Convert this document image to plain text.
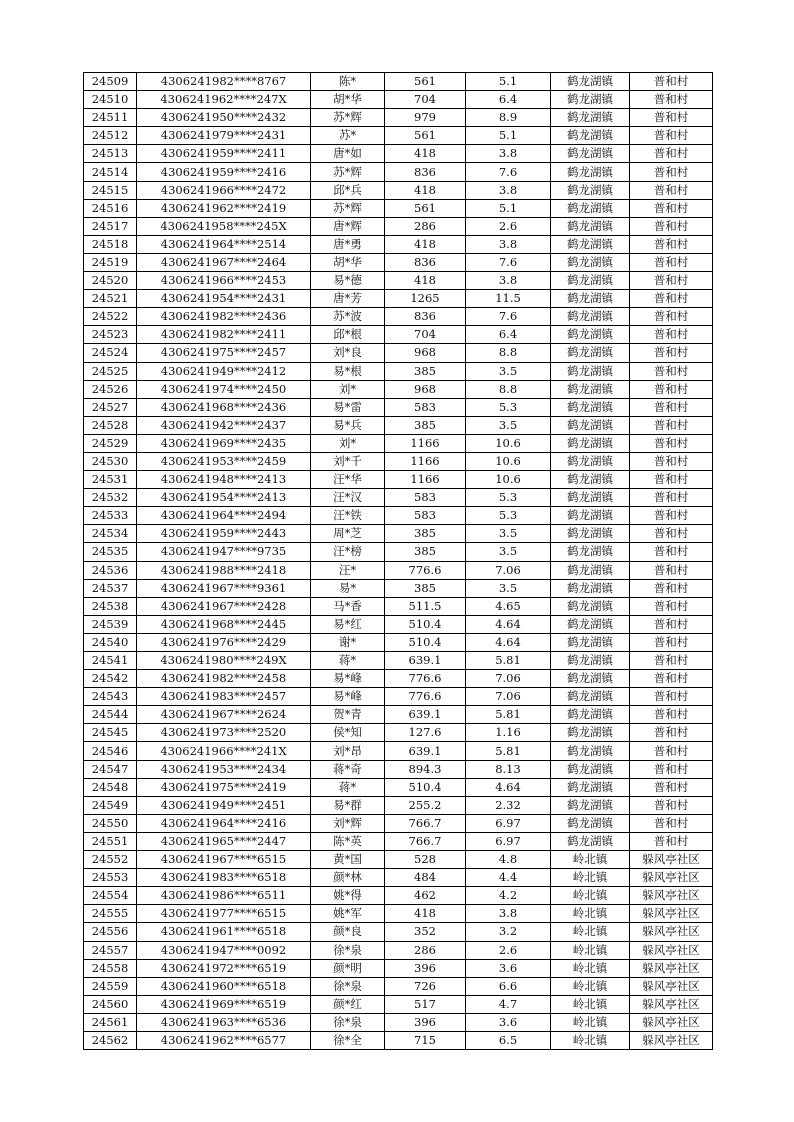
24509	4306241982****8767	陈*	561	5.1	鹤龙湖镇	普和村
24510	4306241962****247X	胡*华	704	6.4	鹤龙湖镇	普和村
24511	4306241950****2432	苏*辉	979	8.9	鹤龙湖镇	普和村
24512	4306241979****2431	苏*	561	5.1	鹤龙湖镇	普和村
24513	4306241959****2411	唐*如	418	3.8	鹤龙湖镇	普和村
24514	4306241959****2416	苏*辉	836	7.6	鹤龙湖镇	普和村
24515	4306241966****2472	邱*兵	418	3.8	鹤龙湖镇	普和村
24516	4306241962****2419	苏*辉	561	5.1	鹤龙湖镇	普和村
24517	4306241958****245X	唐*辉	286	2.6	鹤龙湖镇	普和村
24518	4306241964****2514	唐*勇	418	3.8	鹤龙湖镇	普和村
24519	4306241967****2464	胡*华	836	7.6	鹤龙湖镇	普和村
24520	4306241966****2453	易*德	418	3.8	鹤龙湖镇	普和村
24521	4306241954****2431	唐*芳	1265	11.5	鹤龙湖镇	普和村
24522	4306241982****2436	苏*波	836	7.6	鹤龙湖镇	普和村
24523	4306241982****2411	邱*根	704	6.4	鹤龙湖镇	普和村
24524	4306241975****2457	刘*良	968	8.8	鹤龙湖镇	普和村
24525	4306241949****2412	易*根	385	3.5	鹤龙湖镇	普和村
24526	4306241974****2450	刘*	968	8.8	鹤龙湖镇	普和村
24527	4306241968****2436	易*雷	583	5.3	鹤龙湖镇	普和村
24528	4306241942****2437	易*兵	385	3.5	鹤龙湖镇	普和村
24529	4306241969****2435	刘*	1166	10.6	鹤龙湖镇	普和村
24530	4306241953****2459	刘*千	1166	10.6	鹤龙湖镇	普和村
24531	4306241948****2413	汪*华	1166	10.6	鹤龙湖镇	普和村
24532	4306241954****2413	汪*汉	583	5.3	鹤龙湖镇	普和村
24533	4306241964****2494	汪*铁	583	5.3	鹤龙湖镇	普和村
24534	4306241959****2443	周*芝	385	3.5	鹤龙湖镇	普和村
24535	4306241947****9735	汪*榜	385	3.5	鹤龙湖镇	普和村
24536	4306241988****2418	汪*	776.6	7.06	鹤龙湖镇	普和村
24537	4306241967****9361	易*	385	3.5	鹤龙湖镇	普和村
24538	4306241967****2428	马*香	511.5	4.65	鹤龙湖镇	普和村
24539	4306241968****2445	易*红	510.4	4.64	鹤龙湖镇	普和村
24540	4306241976****2429	谢*	510.4	4.64	鹤龙湖镇	普和村
24541	4306241980****249X	蒋*	639.1	5.81	鹤龙湖镇	普和村
24542	4306241982****2458	易*峰	776.6	7.06	鹤龙湖镇	普和村
24543	4306241983****2457	易*峰	776.6	7.06	鹤龙湖镇	普和村
24544	4306241967****2624	贺*青	639.1	5.81	鹤龙湖镇	普和村
24545	4306241973****2520	侯*知	127.6	1.16	鹤龙湖镇	普和村
24546	4306241966****241X	刘*昂	639.1	5.81	鹤龙湖镇	普和村
24547	4306241953****2434	蒋*奇	894.3	8.13	鹤龙湖镇	普和村
24548	4306241975****2419	蒋*	510.4	4.64	鹤龙湖镇	普和村
24549	4306241949****2451	易*群	255.2	2.32	鹤龙湖镇	普和村
24550	4306241964****2416	刘*辉	766.7	6.97	鹤龙湖镇	普和村
24551	4306241965****2447	陈*英	766.7	6.97	鹤龙湖镇	普和村
24552	4306241967****6515	黄*国	528	4.8	岭北镇	躲风亭社区
24553	4306241983****6518	颜*林	484	4.4	岭北镇	躲风亭社区
24554	4306241986****6511	姚*得	462	4.2	岭北镇	躲风亭社区
24555	4306241977****6515	姚*军	418	3.8	岭北镇	躲风亭社区
24556	4306241961****6518	颜*良	352	3.2	岭北镇	躲风亭社区
24557	4306241947****0092	徐*泉	286	2.6	岭北镇	躲风亭社区
24558	4306241972****6519	颜*明	396	3.6	岭北镇	躲风亭社区
24559	4306241960****6518	徐*泉	726	6.6	岭北镇	躲风亭社区
24560	4306241969****6519	颜*红	517	4.7	岭北镇	躲风亭社区
24561	4306241963****6536	徐*泉	396	3.6	岭北镇	躲风亭社区
24562	4306241962****6577	徐*全	715	6.5	岭北镇	躲风亭社区
